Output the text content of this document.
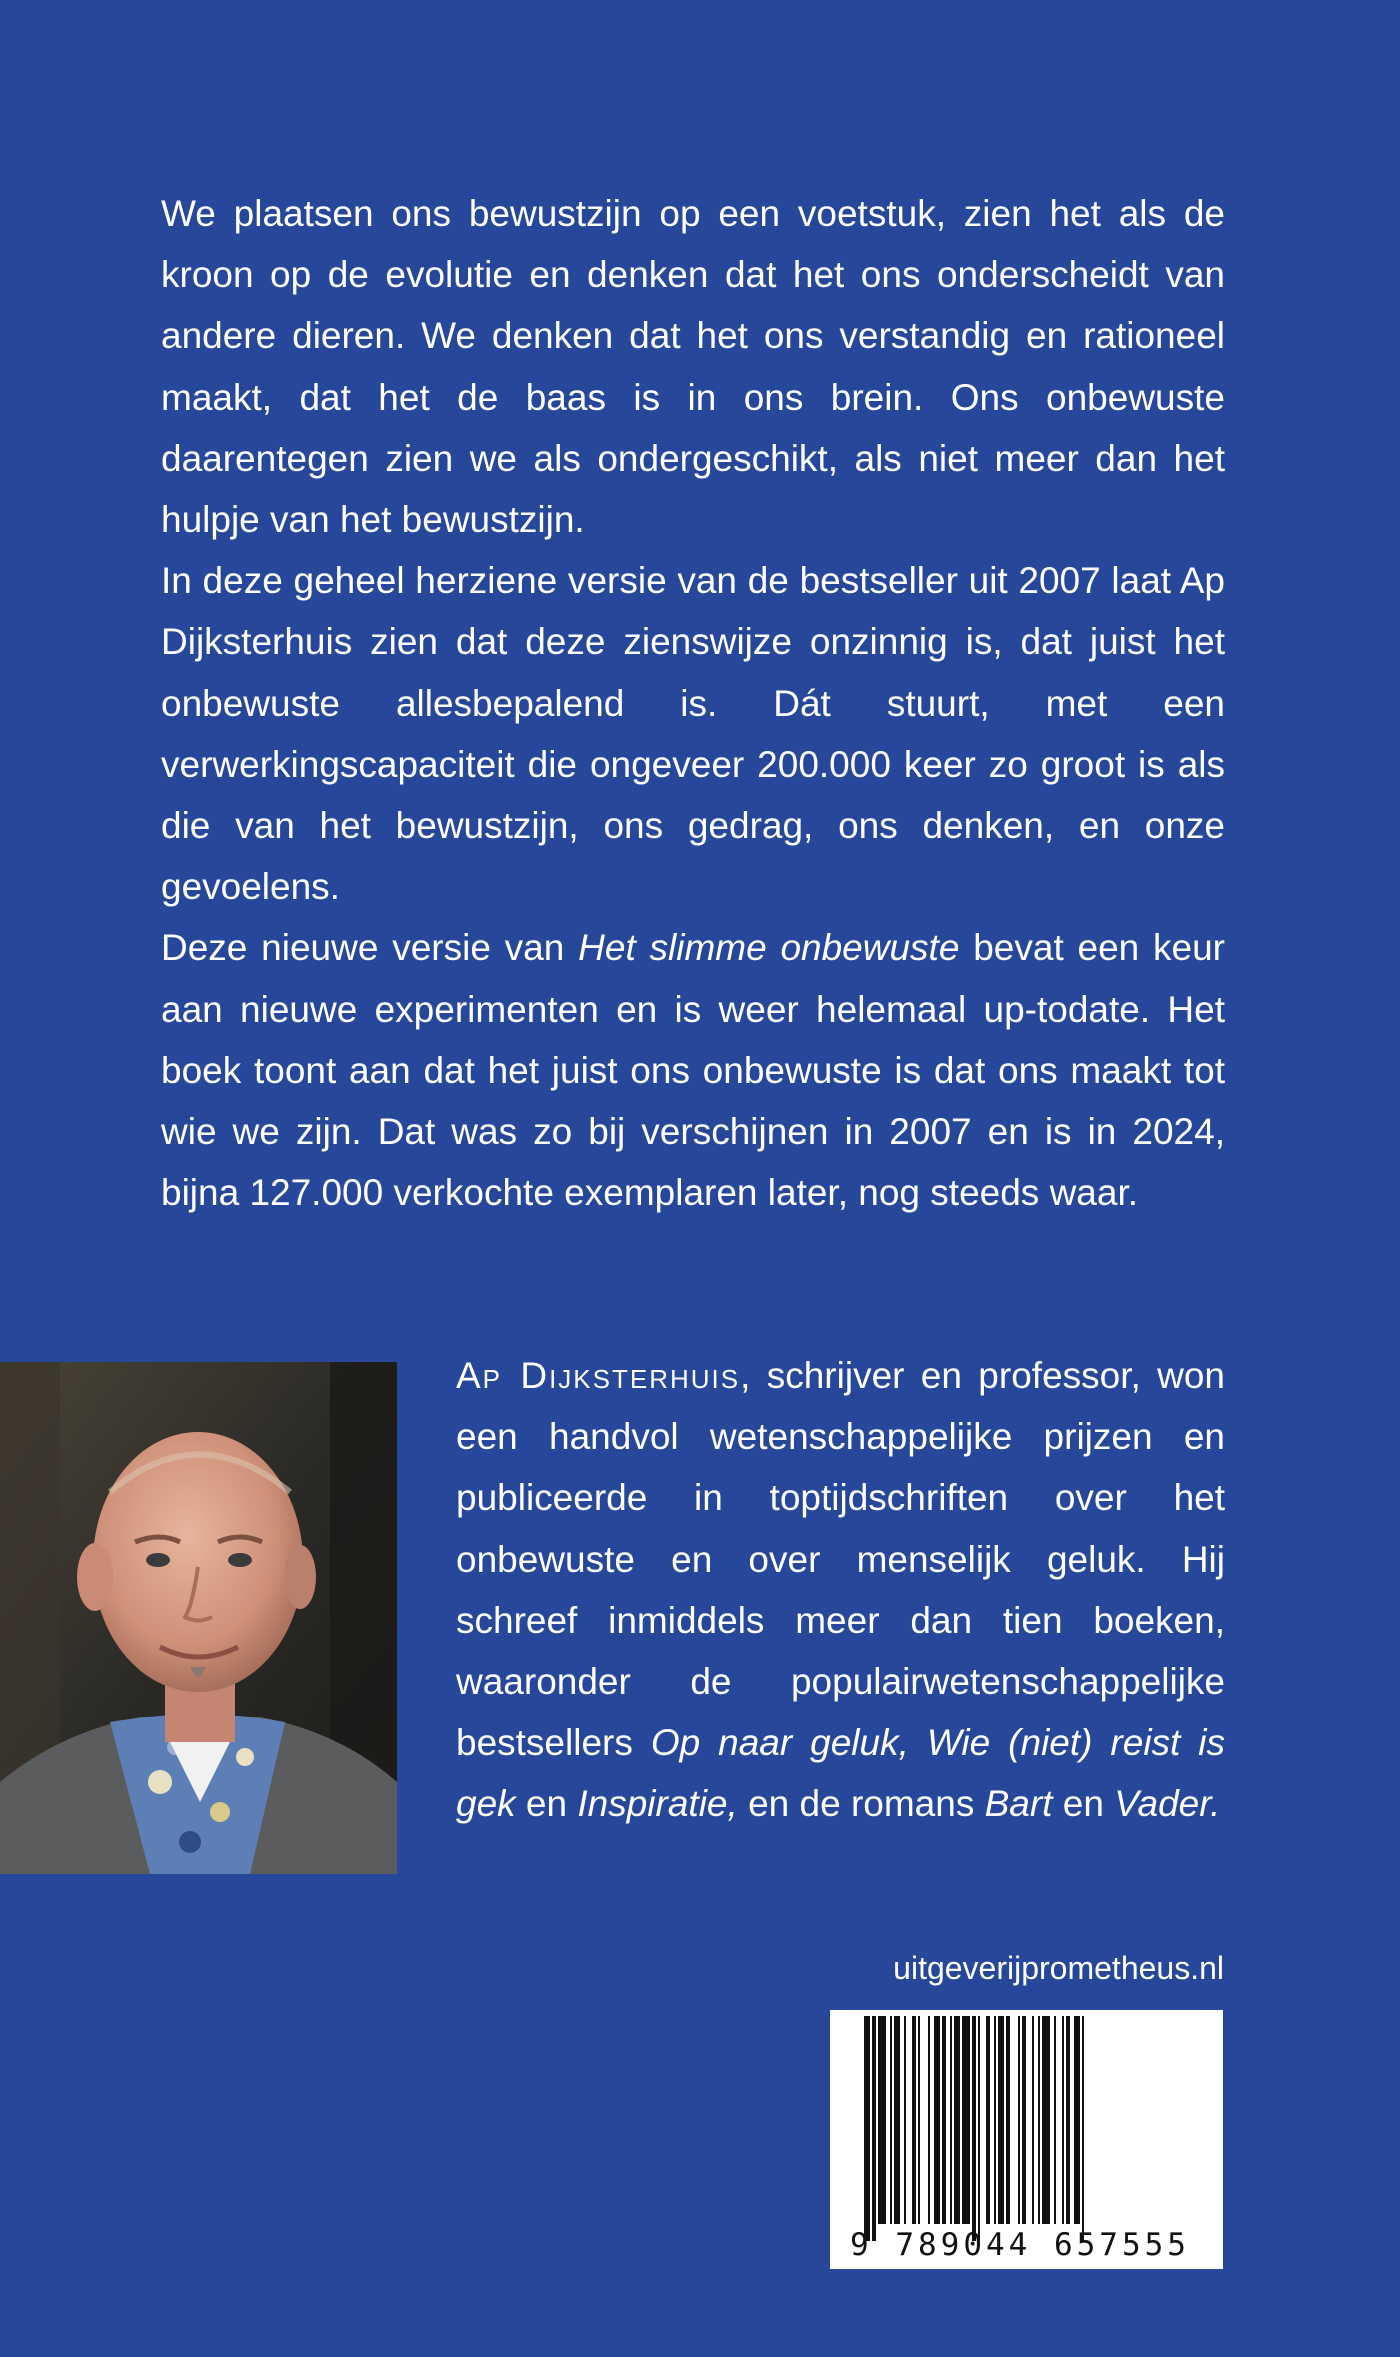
We plaatsen ons bewustzijn op een voetstuk, zien het als de kroon op de evolutie en denken dat het ons onderscheidt van andere dieren. We denken dat het ons verstandig en rationeel maakt, dat het de baas is in ons brein. Ons onbewuste daarentegen zien we als ondergeschikt, als niet meer dan het hulpje van het bewustzijn.

In deze geheel herziene versie van de bestseller uit 2007 laat Ap Dijksterhuis zien dat deze zienswijze onzinnig is, dat juist het onbewuste allesbepalend is. Dát stuurt, met een verwerkingscapaciteit die ongeveer 200.000 keer zo groot is als die van het bewustzijn, ons gedrag, ons denken, en onze gevoelens.

Deze nieuwe versie van Het slimme onbewuste bevat een keur aan nieuwe experimenten en is weer helemaal up-todate. Het boek toont aan dat het juist ons onbewuste is dat ons maakt tot wie we zijn. Dat was zo bij verschijnen in 2007 en is in 2024, bijna 127.000 verkochte exemplaren later, nog steeds waar.

Ap Dijksterhuis, schrijver en professor, won een handvol wetenschappelijke prijzen en publiceerde in toptijdschriften over het onbewuste en over menselijk geluk. Hij schreef inmiddels meer dan tien boeken, waaronder de populairwetenschappelijke bestsellers Op naar geluk, Wie (niet) reist is gek en Inspiratie, en de romans Bart en Vader.

uitgeverijprometheus.nl
9 789044 657555
